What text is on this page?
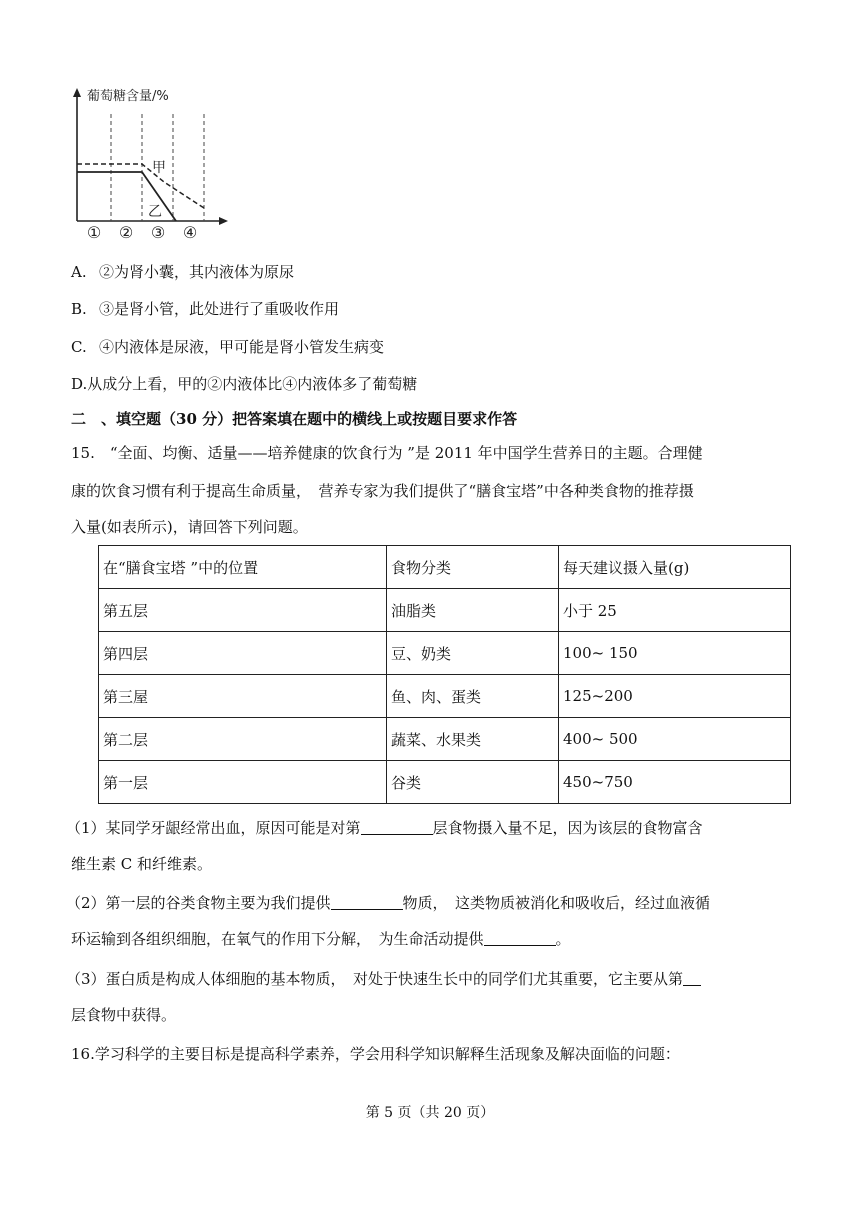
葡萄糖含量/%
甲
乙
① ② ③ ④
A. ②为肾小囊，其内液体为原尿
B. ③是肾小管，此处进行了重吸收作用
C. ④内液体是尿液，甲可能是肾小管发生病变
D.从成分上看，甲的②内液体比④内液体多了葡萄糖
二　、填空题（30 分）把答案填在题中的横线上或按题目要求作答
15.　“全面、均衡、适量——培养健康的饮食行为 ”是 2011 年中国学生营养日的主题。合理健
康的饮食习惯有利于提高生命质量，　营养专家为我们提供了“膳食宝塔”中各种类食物的推荐摄
入量(如表所示)，请回答下列问题。
在“膳食宝塔 ”中的位置	食物分类	每天建议摄入量(g)
第五层	油脂类	小于 25
第四层	豆、奶类	100~ 150
第三屋	鱼、肉、蛋类	125~200
第二层	蔬菜、水果类	400~ 500
第一层	谷类	450~750
（1）某同学牙龈经常出血，原因可能是对第	层食物摄入量不足，因为该层的食物富含
维生素 C 和纤维素。
（2）第一层的谷类食物主要为我们提供	物质，　这类物质被消化和吸收后，经过血液循
环运输到各组织细胞，在氧气的作用下分解，　为生命活动提供	。
（3）蛋白质是构成人体细胞的基本物质，　对处于快速生长中的同学们尤其重要，它主要从第
层食物中获得。
16.学习科学的主要目标是提高科学素养，学会用科学知识解释生活现象及解决面临的问题：
第 5 页（共 20 页）
